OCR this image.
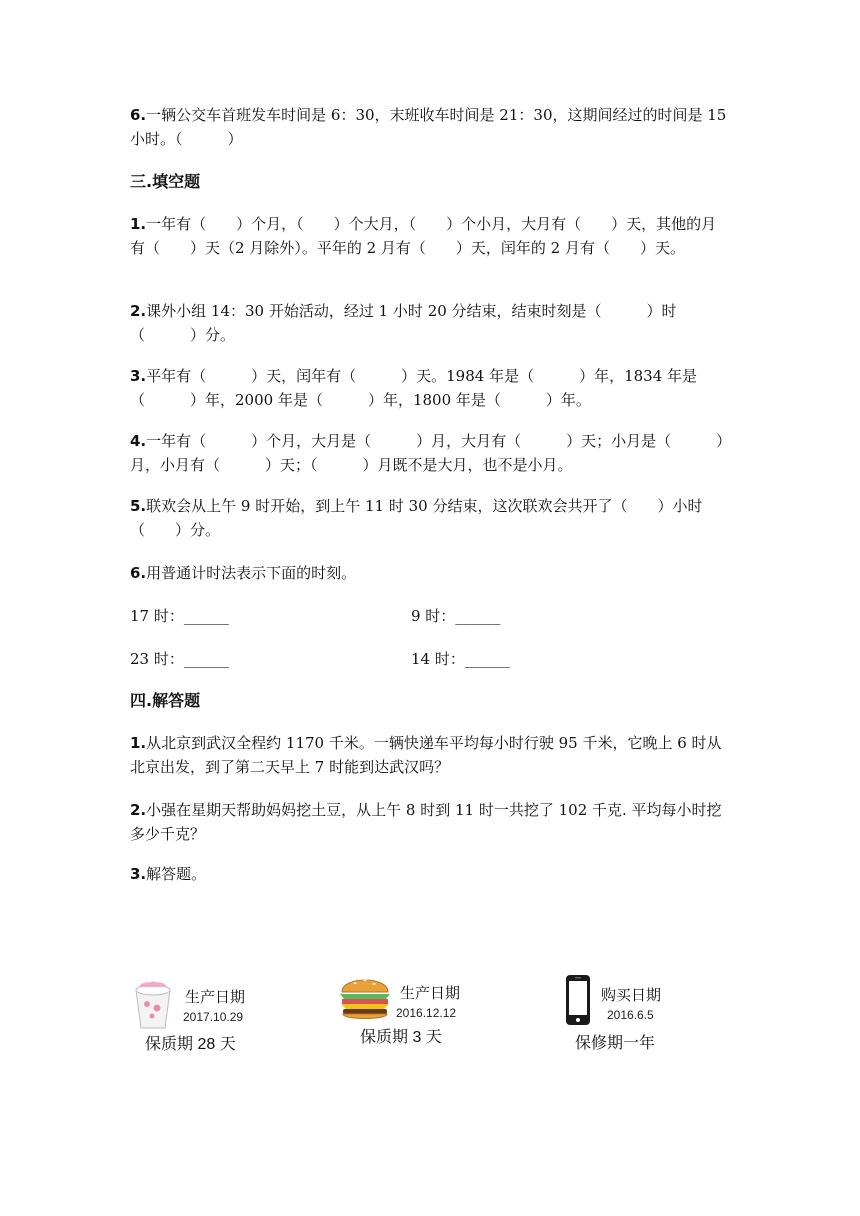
6.一辆公交车首班发车时间是 6：30，末班收车时间是 21：30，这期间经过的时间是 15 小时。（　　　）

三.填空题

1.一年有（　　）个月，（　　）个大月，（　　）个小月，大月有（　　）天，其他的月有（　　）天（2 月除外）。平年的 2 月有（　　）天，闰年的 2 月有（　　）天。

2.课外小组 14：30 开始活动，经过 1 小时 20 分结束，结束时刻是（　　　）时（　　　）分。

3.平年有（　　　）天，闰年有（　　　）天。1984 年是（　　　）年，1834 年是（　　　）年，2000 年是（　　　）年，1800 年是（　　　）年。

4.一年有（　　　）个月，大月是（　　　）月，大月有（　　　）天；小月是（　　　）月，小月有（　　　）天；（　　　）月既不是大月，也不是小月。

5.联欢会从上午 9 时开始，到上午 11 时 30 分结束，这次联欢会共开了（　　）小时（　　）分。

6.用普通计时法表示下面的时刻。

17 时：______	9 时：______
23 时：______	14 时：______
四.解答题

1.从北京到武汉全程约 1170 千米。一辆快递车平均每小时行驶 95 千米，它晚上 6 时从北京出发，到了第二天早上 7 时能到达武汉吗？

2.小强在星期天帮助妈妈挖土豆，从上午 8 时到 11 时一共挖了 102 千克. 平均每小时挖多少千克？

3.解答题。

生产日期
2017.10.29
保质期 28 天
生产日期
2016.12.12
保质期 3 天
购买日期
2016.6.5
保修期一年
